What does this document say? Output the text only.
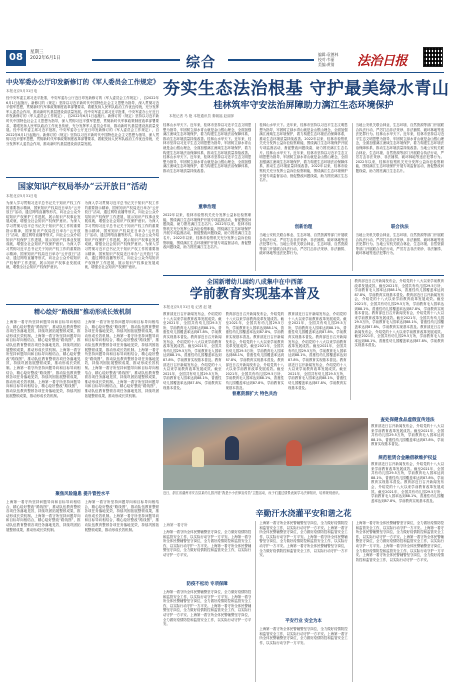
08	星期三
2022年6月1日	综合
编辑:袁德林
校对:韦丽
美编:黄倩	法治日报
中央军委办公厅印发新修订的《军人委员会工作规定》
本报北京5月31日电
经中央军委主席习近平批准，中央军委办公厅近日印发新修订的《军人委员会工作规定》，自2022年6月1日起施行。新修订的《规定》坚持以习近平新时代中国特色社会主义思想为指导，深入贯彻习近平强军思想，贯彻新时代军事政策制度改革部署要求，着眼发扬人民军队政治工作优良传统，充分发挥军人委员会作用，推动新时代基层建设高质量发展。经中央军委主席习近平批准，中央军委办公厅近日印发新修订的《军人委员会工作规定》，自2022年6月1日起施行。新修订的《规定》坚持以习近平新时代中国特色社会主义思想为指导，深入贯彻习近平强军思想，贯彻新时代军事政策制度改革部署要求，着眼发扬人民军队政治工作优良传统，充分发挥军人委员会作用，推动新时代基层建设高质量发展。经中央军委主席习近平批准，中央军委办公厅近日印发新修订的《军人委员会工作规定》，自2022年6月1日起施行。新修订的《规定》坚持以习近平新时代中国特色社会主义思想为指导，深入贯彻习近平强军思想，贯彻新时代军事政策制度改革部署要求，着眼发扬人民军队政治工作优良传统，充分发挥军人委员会作用，推动新时代基层建设高质量发展。
国家知识产权局举办“云开放日”活动
本报北京5月31日电
为深入学习贯彻习近平总书记关于知识产权工作的重要指示精神，国家知识产权局近日举办“云开放日”活动，通过网络直播等形式，向社会公众介绍知识产权保护工作进展，展示知识产权事业发展成就，增强全社会知识产权保护意识。为深入学习贯彻习近平总书记关于知识产权工作的重要指示精神，国家知识产权局近日举办“云开放日”活动，通过网络直播等形式，向社会公众介绍知识产权保护工作进展，展示知识产权事业发展成就，增强全社会知识产权保护意识。为深入学习贯彻习近平总书记关于知识产权工作的重要指示精神，国家知识产权局近日举办“云开放日”活动，通过网络直播等形式，向社会公众介绍知识产权保护工作进展，展示知识产权事业发展成就，增强全社会知识产权保护意识。
为深入学习贯彻习近平总书记关于知识产权工作的重要指示精神，国家知识产权局近日举办“云开放日”活动，通过网络直播等形式，向社会公众介绍知识产权保护工作进展，展示知识产权事业发展成就，增强全社会知识产权保护意识。为深入学习贯彻习近平总书记关于知识产权工作的重要指示精神，国家知识产权局近日举办“云开放日”活动，通过网络直播等形式，向社会公众介绍知识产权保护工作进展，展示知识产权事业发展成就，增强全社会知识产权保护意识。为深入学习贯彻习近平总书记关于知识产权工作的重要指示精神，国家知识产权局近日举办“云开放日”活动，通过网络直播等形式，向社会公众介绍知识产权保护工作进展，展示知识产权事业发展成就，增强全社会知识产权保护意识。
精心绘好“路线图”推动形成长效机制
上海第一看守所坚持问题导向和目标导向相结合，精心绘好整改“路线图”，推动队伍教育整顿各项任务落地见效，持续巩固拓展整顿成果，推动形成长效机制。上海第一看守所坚持问题导向和目标导向相结合，精心绘好整改“路线图”，推动队伍教育整顿各项任务落地见效，持续巩固拓展整顿成果，推动形成长效机制。上海第一看守所坚持问题导向和目标导向相结合，精心绘好整改“路线图”，推动队伍教育整顿各项任务落地见效，持续巩固拓展整顿成果，推动形成长效机制。上海第一看守所坚持问题导向和目标导向相结合，精心绘好整改“路线图”，推动队伍教育整顿各项任务落地见效，持续巩固拓展整顿成果，推动形成长效机制。上海第一看守所坚持问题导向和目标导向相结合，精心绘好整改“路线图”，推动队伍教育整顿各项任务落地见效，持续巩固拓展整顿成果，推动形成长效机制。
上海第一看守所坚持问题导向和目标导向相结合，精心绘好整改“路线图”，推动队伍教育整顿各项任务落地见效，持续巩固拓展整顿成果，推动形成长效机制。上海第一看守所坚持问题导向和目标导向相结合，精心绘好整改“路线图”，推动队伍教育整顿各项任务落地见效，持续巩固拓展整顿成果，推动形成长效机制。上海第一看守所坚持问题导向和目标导向相结合，精心绘好整改“路线图”，推动队伍教育整顿各项任务落地见效，持续巩固拓展整顿成果，推动形成长效机制。上海第一看守所坚持问题导向和目标导向相结合，精心绘好整改“路线图”，推动队伍教育整顿各项任务落地见效，持续巩固拓展整顿成果，推动形成长效机制。上海第一看守所坚持问题导向和目标导向相结合，精心绘好整改“路线图”，推动队伍教育整顿各项任务落地见效，持续巩固拓展整顿成果，推动形成长效机制。
聚焦风险隐患 提升管控水平
上海第一看守所坚持问题导向和目标导向相结合，精心绘好整改“路线图”，推动队伍教育整顿各项任务落地见效，持续巩固拓展整顿成果，推动形成长效机制。上海第一看守所坚持问题导向和目标导向相结合，精心绘好整改“路线图”，推动队伍教育整顿各项任务落地见效，持续巩固拓展整顿成果，推动形成长效机制。
上海第一看守所坚持问题导向和目标导向相结合，精心绘好整改“路线图”，推动队伍教育整顿各项任务落地见效，持续巩固拓展整顿成果，推动形成长效机制。上海第一看守所坚持问题导向和目标导向相结合，精心绘好整改“路线图”，推动队伍教育整顿各项任务落地见效，持续巩固拓展整顿成果，推动形成长效机制。
夯实生态法治根基 守护最美绿水青山
桂林筑牢守安法治屏障助力漓江生态环境保护
本报记者 马 艳 本报通讯员 秦朝福 赵丽萍
桂林山水甲天下。近年来，桂林市坚持以习近平生态文明思想为指导，牢固树立绿水青山就是金山银山理念，全面加强漓江流域生态环境保护，着力构建生态环境法治保障体系，推动生态环境质量持续改善。桂林山水甲天下。近年来，桂林市坚持以习近平生态文明思想为指导，牢固树立绿水青山就是金山银山理念，全面加强漓江流域生态环境保护，着力构建生态环境法治保障体系，推动生态环境质量持续改善。桂林山水甲天下。近年来，桂林市坚持以习近平生态文明思想为指导，牢固树立绿水青山就是金山银山理念，全面加强漓江流域生态环境保护，着力构建生态环境法治保障体系，推动生态环境质量持续改善。
重拳治理
2022年以来，桂林市检察机关充分发挥公益诉讼检察职能，围绕漓江生态环境保护开展专项监督活动，督促整改问题线索，助力擦亮漓江生态名片。2022年以来，桂林市检察机关充分发挥公益诉讼检察职能，围绕漓江生态环境保护开展专项监督活动，督促整改问题线索，助力擦亮漓江生态名片。2022年以来，桂林市检察机关充分发挥公益诉讼检察职能，围绕漓江生态环境保护开展专项监督活动，督促整改问题线索，助力擦亮漓江生态名片。
桂林山水甲天下。近年来，桂林市坚持以习近平生态文明思想为指导，牢固树立绿水青山就是金山银山理念，全面加强漓江流域生态环境保护，着力构建生态环境法治保障体系，推动生态环境质量持续改善。2022年以来，桂林市检察机关充分发挥公益诉讼检察职能，围绕漓江生态环境保护开展专项监督活动，督促整改问题线索，助力擦亮漓江生态名片。桂林山水甲天下。近年来，桂林市坚持以习近平生态文明思想为指导，牢固树立绿水青山就是金山银山理念，全面加强漓江流域生态环境保护，着力构建生态环境法治保障体系，推动生态环境质量持续改善。2022年以来，桂林市检察机关充分发挥公益诉讼检察职能，围绕漓江生态环境保护开展专项监督活动，督促整改问题线索，助力擦亮漓江生态名片。
创新治理
当地公安机关联合林业、生态环境、自然资源等部门开展联合执法行动，严厉打击非法采砂、非法捕捞、破坏林地等违法犯罪行为。当地公安机关联合林业、生态环境、自然资源等部门开展联合执法行动，严厉打击非法采砂、非法捕捞、破坏林地等违法犯罪行为。
当地公安机关联合林业、生态环境、自然资源等部门开展联合执法行动，严厉打击非法采砂、非法捕捞、破坏林地等违法犯罪行为。桂林山水甲天下。近年来，桂林市坚持以习近平生态文明思想为指导，牢固树立绿水青山就是金山银山理念，全面加强漓江流域生态环境保护，着力构建生态环境法治保障体系，推动生态环境质量持续改善。当地公安机关联合林业、生态环境、自然资源等部门开展联合执法行动，严厉打击非法采砂、非法捕捞、破坏林地等违法犯罪行为。2022年以来，桂林市检察机关充分发挥公益诉讼检察职能，围绕漓江生态环境保护开展专项监督活动，督促整改问题线索，助力擦亮漓江生态名片。
联合执法
当地公安机关联合林业、生态环境、自然资源等部门开展联合执法行动，严厉打击非法采砂、非法捕捞、破坏林地等违法犯罪行为。当地公安机关联合林业、生态环境、自然资源等部门开展联合执法行动，严厉打击非法采砂、非法捕捞、破坏林地等违法犯罪行为。
全国新增幼儿园约八成集中在中西部
学前教育实现基本普及
本报北京5月31日电 记者 赵 婕
教育部近日召开新闻发布会，介绍党的十八大以来学前教育改革发展成效。截至2021年，全国共有幼儿园29.5万所，学前教育毛入园率达到88.1%，普惠性幼儿园覆盖率达到87.8%，学前教育实现基本普及。教育部近日召开新闻发布会，介绍党的十八大以来学前教育改革发展成效。截至2021年，全国共有幼儿园29.5万所，学前教育毛入园率达到88.1%，普惠性幼儿园覆盖率达到87.8%，学前教育实现基本普及。教育部近日召开新闻发布会，介绍党的十八大以来学前教育改革发展成效。截至2021年，全国共有幼儿园29.5万所，学前教育毛入园率达到88.1%，普惠性幼儿园覆盖率达到87.8%，学前教育实现基本普及。
教育部近日召开新闻发布会，介绍党的十八大以来学前教育改革发展成效。截至2021年，全国共有幼儿园29.5万所，学前教育毛入园率达到88.1%，普惠性幼儿园覆盖率达到87.8%，学前教育实现基本普及。教育部近日召开新闻发布会，介绍党的十八大以来学前教育改革发展成效。截至2021年，全国共有幼儿园29.5万所，学前教育毛入园率达到88.1%，普惠性幼儿园覆盖率达到87.8%，学前教育实现基本普及。教育部近日召开新闻发布会，介绍党的十八大以来学前教育改革发展成效。截至2021年，全国共有幼儿园29.5万所，学前教育毛入园率达到88.1%，普惠性幼儿园覆盖率达到87.8%，学前教育实现基本普及。
教育部近日召开新闻发布会，介绍党的十八大以来学前教育改革发展成效。截至2021年，全国共有幼儿园29.5万所，学前教育毛入园率达到88.1%，普惠性幼儿园覆盖率达到87.8%，学前教育实现基本普及。教育部近日召开新闻发布会，介绍党的十八大以来学前教育改革发展成效。截至2021年，全国共有幼儿园29.5万所，学前教育毛入园率达到88.1%，普惠性幼儿园覆盖率达到87.8%，学前教育实现基本普及。教育部近日召开新闻发布会，介绍党的十八大以来学前教育改革发展成效。截至2021年，全国共有幼儿园29.5万所，学前教育毛入园率达到88.1%，普惠性幼儿园覆盖率达到87.8%，学前教育实现基本普及。
普惠资源扩大 特色共治
教育部近日召开新闻发布会，介绍党的十八大以来学前教育改革发展成效。截至2021年，全国共有幼儿园29.5万所，学前教育毛入园率达到88.1%，普惠性幼儿园覆盖率达到87.8%，学前教育实现基本普及。教育部近日召开新闻发布会，介绍党的十八大以来学前教育改革发展成效。截至2021年，全国共有幼儿园29.5万所，学前教育毛入园率达到88.1%，普惠性幼儿园覆盖率达到87.8%，学前教育实现基本普及。教育部近日召开新闻发布会，介绍党的十八大以来学前教育改革发展成效。截至2021年，全国共有幼儿园29.5万所，学前教育毛入园率达到88.1%，普惠性幼儿园覆盖率达到87.8%，学前教育实现基本普及。教育部近日召开新闻发布会，介绍党的十八大以来学前教育改革发展成效。截至2021年，全国共有幼儿园29.5万所，学前教育毛入园率达到88.1%，普惠性幼儿园覆盖率达到87.8%，学前教育实现基本普及。
近日，浙江省湖州市安吉县某幼儿园开展“我是小小法律宣传员”主题活动，孩子们通过情景表演学习法律知识，培养规则意识。
查处保健食品虚假宣传违法
教育部近日召开新闻发布会，介绍党的十八大以来学前教育改革发展成效。截至2021年，全国共有幼儿园29.5万所，学前教育毛入园率达到88.1%，普惠性幼儿园覆盖率达到87.8%，学前教育实现基本普及。
规范租赁合金融借款维护权益
教育部近日召开新闻发布会，介绍党的十八大以来学前教育改革发展成效。截至2021年，全国共有幼儿园29.5万所，学前教育毛入园率达到88.1%，普惠性幼儿园覆盖率达到87.8%，学前教育实现基本普及。教育部近日召开新闻发布会，介绍党的十八大以来学前教育改革发展成效。截至2021年，全国共有幼儿园29.5万所，学前教育毛入园率达到88.1%，普惠性幼儿园覆盖率达到87.8%，学前教育实现基本普及。
辛勤汗水浇灌平安和谐之花
上海第一看守所
上海第一看守所全体民警辅警坚守岗位，全力做好疫情防控和监管安全工作，以实际行动守护一方平安。上海第一看守所全体民警辅警坚守岗位，全力做好疫情防控和监管安全工作，以实际行动守护一方平安。上海第一看守所全体民警辅警坚守岗位，全力做好疫情防控和监管安全工作，以实际行动守护一方平安。
防疫不松动 专项保障
上海第一看守所全体民警辅警坚守岗位，全力做好疫情防控和监管安全工作，以实际行动守护一方平安。上海第一看守所全体民警辅警坚守岗位，全力做好疫情防控和监管安全工作，以实际行动守护一方平安。上海第一看守所全体民警辅警坚守岗位，全力做好疫情防控和监管安全工作，以实际行动守护一方平安。上海第一看守所全体民警辅警坚守岗位，全力做好疫情防控和监管安全工作，以实际行动守护一方平安。
上海第一看守所全体民警辅警坚守岗位，全力做好疫情防控和监管安全工作，以实际行动守护一方平安。上海第一看守所全体民警辅警坚守岗位，全力做好疫情防控和监管安全工作，以实际行动守护一方平安。上海第一看守所全体民警辅警坚守岗位，全力做好疫情防控和监管安全工作，以实际行动守护一方平安。上海第一看守所全体民警辅警坚守岗位，全力做好疫情防控和监管安全工作，以实际行动守护一方平安。
平安行业 安全为本
上海第一看守所全体民警辅警坚守岗位，全力做好疫情防控和监管安全工作，以实际行动守护一方平安。上海第一看守所全体民警辅警坚守岗位，全力做好疫情防控和监管安全工作，以实际行动守护一方平安。
上海第一看守所全体民警辅警坚守岗位，全力做好疫情防控和监管安全工作，以实际行动守护一方平安。上海第一看守所全体民警辅警坚守岗位，全力做好疫情防控和监管安全工作，以实际行动守护一方平安。上海第一看守所全体民警辅警坚守岗位，全力做好疫情防控和监管安全工作，以实际行动守护一方平安。上海第一看守所全体民警辅警坚守岗位，全力做好疫情防控和监管安全工作，以实际行动守护一方平安。上海第一看守所全体民警辅警坚守岗位，全力做好疫情防控和监管安全工作，以实际行动守护一方平安。
